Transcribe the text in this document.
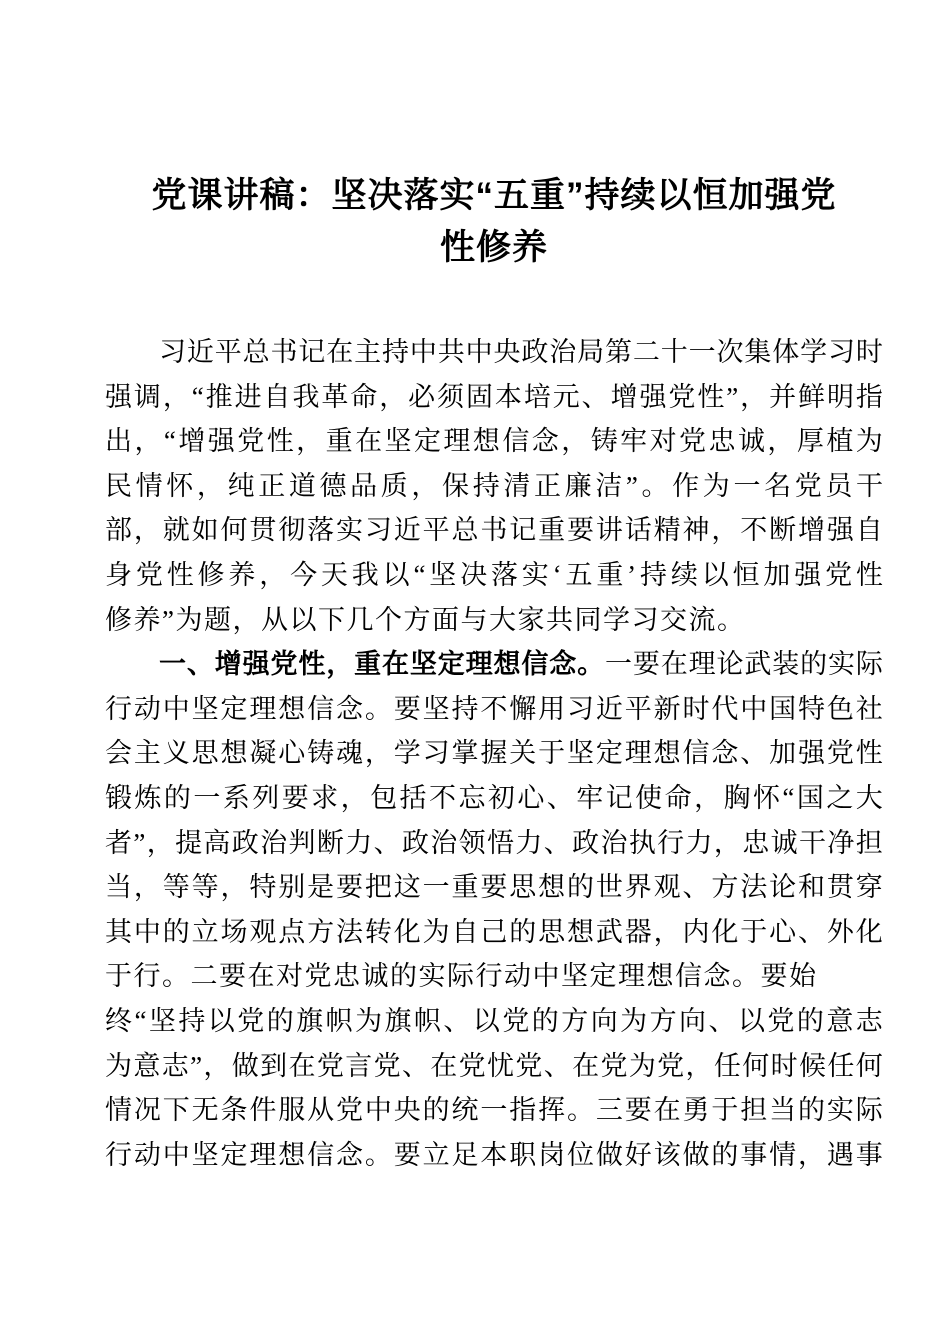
党课讲稿：坚决落实“五重”持续以恒加强党
性修养
习 近 平 总 书 记 在 主 持 中 共 中 央 政 治 局 第 二 十 一 次 集 体 学 习 时
强 调 ， “ 推 进 自 我 革 命 ， 必 须 固 本 培 元 、 增 强 党 性 ” ， 并 鲜 明 指
出 ， “ 增 强 党 性 ， 重 在 坚 定 理 想 信 念 ， 铸 牢 对 党 忠 诚 ， 厚 植 为
民 情 怀 ， 纯 正 道 德 品 质 ， 保 持 清 正 廉 洁 ” 。 作 为 一 名 党 员 干
部 ， 就 如 何 贯 彻 落 实 习 近 平 总 书 记 重 要 讲 话 精 神 ， 不 断 增 强 自
身 党 性 修 养 ， 今 天 我 以 “ 坚 决 落 实 ‘ 五 重 ’ 持 续 以 恒 加 强 党 性
修养”为题，从以下几个方面与大家共同学习交流。
一 、 增 强 党 性 ， 重 在 坚 定 理 想 信 念 。 一 要 在 理 论 武 装 的 实 际
行 动 中 坚 定 理 想 信 念 。 要 坚 持 不 懈 用 习 近 平 新 时 代 中 国 特 色 社
会 主 义 思 想 凝 心 铸 魂 ， 学 习 掌 握 关 于 坚 定 理 想 信 念 、 加 强 党 性
锻 炼 的 一 系 列 要 求 ， 包 括 不 忘 初 心 、 牢 记 使 命 ， 胸 怀 “ 国 之 大
者 ” ， 提 高 政 治 判 断 力 、 政 治 领 悟 力 、 政 治 执 行 力 ， 忠 诚 干 净 担
当 ， 等 等 ， 特 别 是 要 把 这 一 重 要 思 想 的 世 界 观 、 方 法 论 和 贯 穿
其 中 的 立 场 观 点 方 法 转 化 为 自 己 的 思 想 武 器 ， 内 化 于 心 、 外 化
于行。二要在对党忠诚的实际行动中坚定理想信念。要始
终 “ 坚 持 以 党 的 旗 帜 为 旗 帜 、 以 党 的 方 向 为 方 向 、 以 党 的 意 志
为 意 志 ” ， 做 到 在 党 言 党 、 在 党 忧 党 、 在 党 为 党 ， 任 何 时 候 任 何
情 况 下 无 条 件 服 从 党 中 央 的 统 一 指 挥 。 三 要 在 勇 于 担 当 的 实 际
行 动 中 坚 定 理 想 信 念 。 要 立 足 本 职 岗 位 做 好 该 做 的 事 情 ， 遇 事
